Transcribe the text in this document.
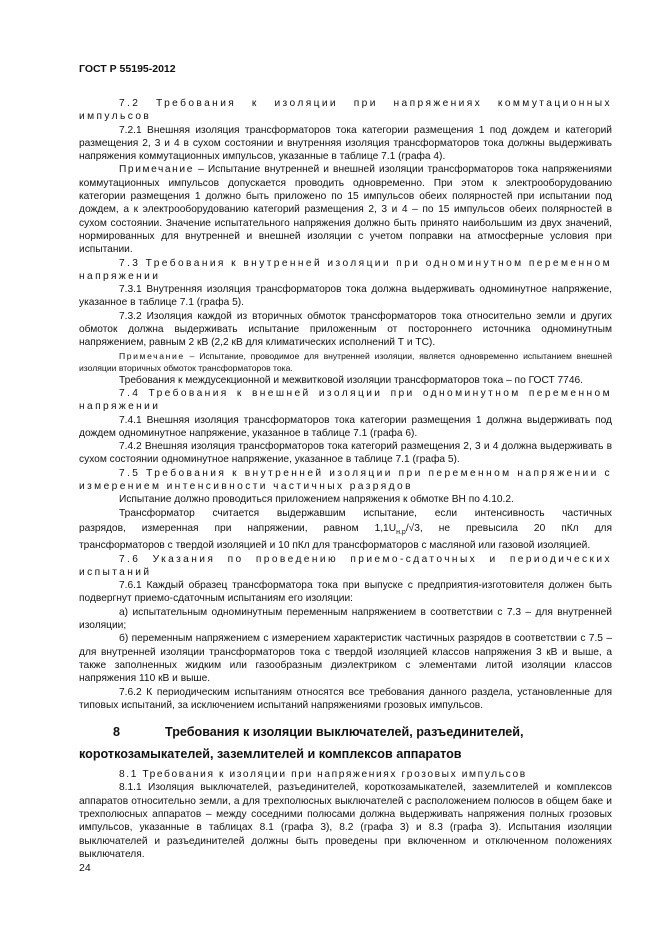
ГОСТ Р 55195-2012

7.2 Требования к изоляции при напряжениях коммутационных импульсов

7.2.1 Внешняя изоляция трансформаторов тока категории размещения 1 под дождем и категорий размещения 2, 3 и 4 в сухом состоянии и внутренняя изоляция трансформаторов тока должны выдерживать напряжения коммутационных импульсов, указанные в таблице 7.1 (графа 4).

Примечание – Испытание внутренней и внешней изоляции трансформаторов тока напряжениями коммутационных импульсов допускается проводить одновременно. При этом к электрооборудованию категории размещения 1 должно быть приложено по 15 импульсов обеих полярностей при испытании под дождем, а к электрооборудованию категорий размещения 2, 3 и 4 – по 15 импульсов обеих полярностей в сухом состоянии. Значение испытательного напряжения должно быть принято наибольшим из двух значений, нормированных для внутренней и внешней изоляции с учетом поправки на атмосферные условия при испытании.

7.3 Требования к внутренней изоляции при одноминутном переменном напряжении

7.3.1 Внутренняя изоляция трансформаторов тока должна выдерживать одноминутное напряжение, указанное в таблице 7.1 (графа 5).

7.3.2 Изоляция каждой из вторичных обмоток трансформаторов тока относительно земли и других обмоток должна выдерживать испытание приложенным от постороннего источника одноминутным напряжением, равным 2 кВ (2,2 кВ для климатических исполнений Т и ТС).

Примечание – Испытание, проводимое для внутренней изоляции, является одновременно испытанием внешней изоляции вторичных обмоток трансформаторов тока.

Требования к междусекционной и межвитковой изоляции трансформаторов тока – по ГОСТ 7746.

7.4 Требования к внешней изоляции при одноминутном переменном напряжении

7.4.1 Внешняя изоляция трансформаторов тока категории размещения 1 должна выдерживать под дождем одноминутное напряжение, указанное в таблице 7.1 (графа 6).

7.4.2 Внешняя изоляция трансформаторов тока категорий размещения 2, 3 и 4 должна выдерживать в сухом состоянии одноминутное напряжение, указанное в таблице 7.1 (графа 5).

7.5 Требования к внутренней изоляции при переменном напряжении с измерением интенсивности частичных разрядов

Испытание должно проводиться приложением напряжения к обмотке ВН по 4.10.2.

Трансформатор считается выдержавшим испытание, если интенсивность частичных

разрядов, измеренная при напряжении, равном $1,1U_{н.р}/√3$, не превысила 20 пКл для

трансформаторов с твердой изоляцией и 10 пКл для трансформаторов с масляной или газовой изоляцией.

7.6 Указания по проведению приемо-сдаточных и периодических испытаний

7.6.1 Каждый образец трансформатора тока при выпуске с предприятия-изготовителя должен быть подвергнут приемо-сдаточным испытаниям его изоляции:

а) испытательным одноминутным переменным напряжением в соответствии с 7.3 – для внутренней изоляции;

б) переменным напряжением с измерением характеристик частичных разрядов в соответствии с 7.5 – для внутренней изоляции трансформаторов тока с твердой изоляцией классов напряжения 3 кВ и выше, а также заполненных жидким или газообразным диэлектриком с элементами литой изоляции классов напряжения 110 кВ и выше.

7.6.2 К периодическим испытаниям относятся все требования данного раздела, установленные для типовых испытаний, за исключением испытаний напряжениями грозовых импульсов.

8	Требования к изоляции выключателей, разъединителей,

короткозамыкателей, заземлителей и комплексов аппаратов

8.1 Требования к изоляции при напряжениях грозовых импульсов

8.1.1 Изоляция выключателей, разъединителей, короткозамыкателей, заземлителей и комплексов аппаратов относительно земли, а для трехполюсных выключателей с расположением полюсов в общем баке и трехполюсных аппаратов – между соседними полюсами должна выдерживать напряжения полных грозовых импульсов, указанные в таблицах 8.1 (графа 3), 8.2 (графа 3) и 8.3 (графа 3). Испытания изоляции выключателей и разъединителей должны быть проведены при включенном и отключенном положениях выключателя.

24
